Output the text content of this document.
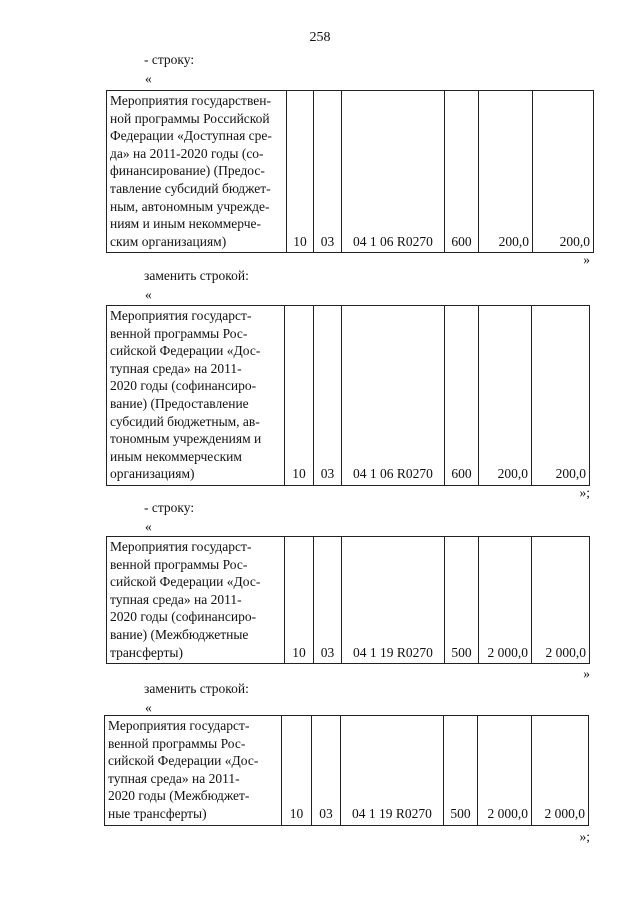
258
- строку:
«
Мероприятия государствен-
ной программы Российской
Федерации «Доступная сре-
да» на 2011-2020 годы (со-
финансирование) (Предос-
тавление субсидий бюджет-
ным, автономным учрежде-
ниям и иным некоммерче-
ским организациям)	10	03	04 1 06 R0270	600	200,0	200,0
»
заменить строкой:
«
Мероприятия государст-
венной программы Рос-
сийской Федерации «Дос-
тупная среда» на 2011-
2020 годы (софинансиро-
вание) (Предоставление
субсидий бюджетным, ав-
тономным учреждениям и
иным некоммерческим
организациям)	10	03	04 1 06 R0270	600	200,0	200,0
»;
- строку:
«
Мероприятия государст-
венной программы Рос-
сийской Федерации «Дос-
тупная среда» на 2011-
2020 годы (софинансиро-
вание) (Межбюджетные
трансферты)	10	03	04 1 19 R0270	500	2 000,0	2 000,0
»
заменить строкой:
«
Мероприятия государст-
венной программы Рос-
сийской Федерации «Дос-
тупная среда» на 2011-
2020 годы (Межбюджет-
ные трансферты)	10	03	04 1 19 R0270	500	2 000,0	2 000,0
»;
